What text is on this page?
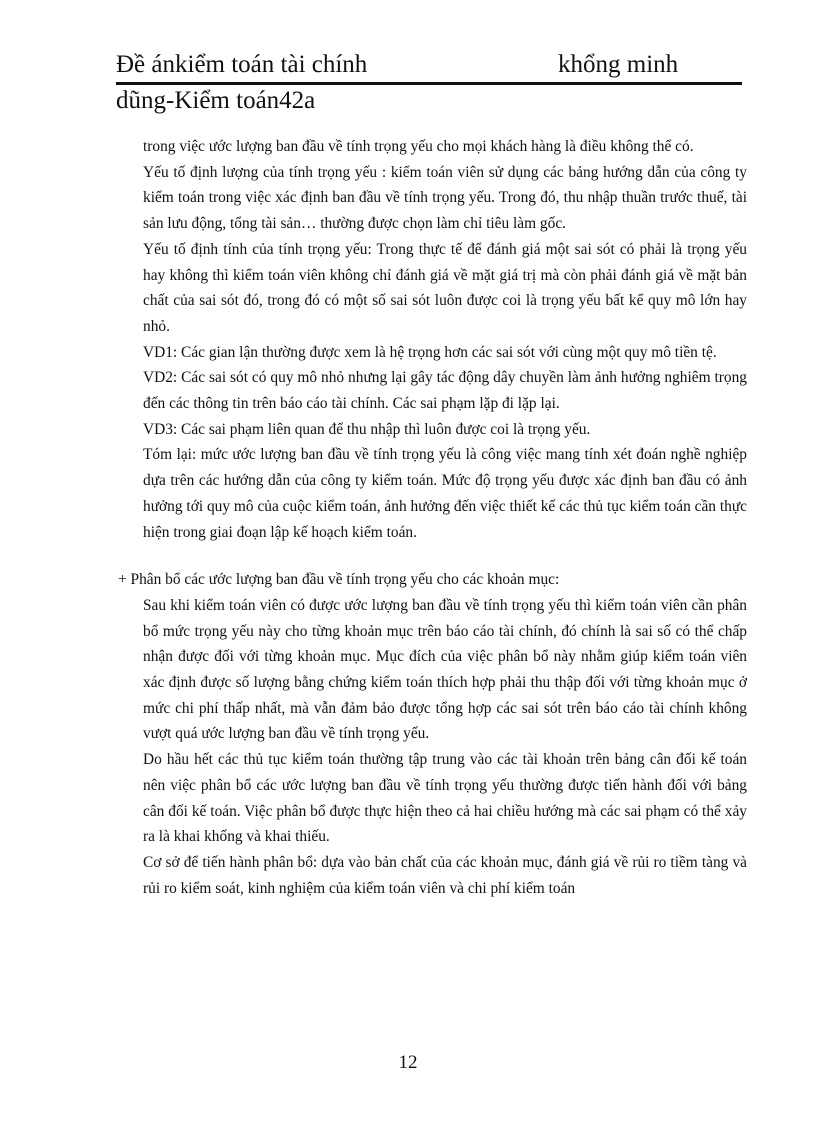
Đề ánkiểm toán tài chính	khổng minh
dũng-Kiểm toán42a

trong việc ước lượng ban đầu về tính trọng yếu cho mọi khách hàng là điều không thể có.

Yếu tố định lượng của tính trọng yếu : kiểm toán viên sử dụng các bảng hướng dẫn của công ty kiểm toán trong việc xác định ban đầu về tính trọng yếu. Trong đó, thu nhập thuần trước thuế, tài sản lưu động, tổng tài sản… thường được chọn làm chỉ tiêu làm gốc.

Yếu tố định tính của tính trọng yếu: Trong thực tế để đánh giá một sai sót có phải là trọng yếu hay không thì kiểm toán viên không chỉ đánh giá về mặt giá trị mà còn phải đánh giá về mặt bản chất của sai sót đó, trong đó có một số sai sót luôn được coi là trọng yếu bất kể quy mô lớn hay nhỏ.

VD1: Các gian lận thường được xem là hệ trọng hơn các sai sót với cùng một quy mô tiền tệ.

VD2: Các sai sót có quy mô nhỏ nhưng lại gây tác động dây chuyền làm ảnh hưởng nghiêm trọng đến các thông tin trên báo cáo tài chính. Các sai phạm lặp đi lặp lại.

VD3: Các sai phạm liên quan để thu nhập thì luôn được coi là trọng yếu.

Tóm lại: mức ước lượng ban đầu về tính trọng yếu là công việc mang tính xét đoán nghề nghiệp dựa trên các hướng dẫn của công ty kiểm toán. Mức độ trọng yếu được xác định ban đầu có ảnh hưởng tới quy mô của cuộc kiểm toán, ảnh hưởng đến việc thiết kế các thủ tục kiểm toán cần thực hiện trong giai đoạn lập kế hoạch kiểm toán.

+ Phân bổ các ước lượng ban đầu về tính trọng yếu cho các khoản mục:

Sau khi kiểm toán viên có được ước lượng ban đầu về tính trọng yếu thì kiểm toán viên cần phân bổ mức trọng yếu này cho từng khoản mục trên báo cáo tài chính, đó chính là sai số có thể chấp nhận được đối với từng khoản mục. Mục đích của việc phân bổ này nhằm giúp kiểm toán viên xác định được số lượng bằng chứng kiểm toán thích hợp phải thu thập đối với từng khoản mục ở mức chi phí thấp nhất, mà vẫn đảm bảo được tổng hợp các sai sót trên báo cáo tài chính không vượt quá ước lượng ban đầu về tính trọng yếu.

Do hầu hết các thủ tục kiểm toán thường tập trung vào các tài khoản trên bảng cân đối kế toán nên việc phân bổ các ước lượng ban đầu về tính trọng yếu thường được tiến hành đối với bảng cân đối kế toán. Việc phân bổ được thực hiện theo cả hai chiều hướng mà các sai phạm có thể xảy ra là khai khống và khai thiếu.

Cơ sở để tiến hành phân bổ: dựa vào bản chất của các khoản mục, đánh giá về rủi ro tiềm tàng và rủi ro kiểm soát, kinh nghiệm của kiểm toán viên và chi phí kiểm toán

12
